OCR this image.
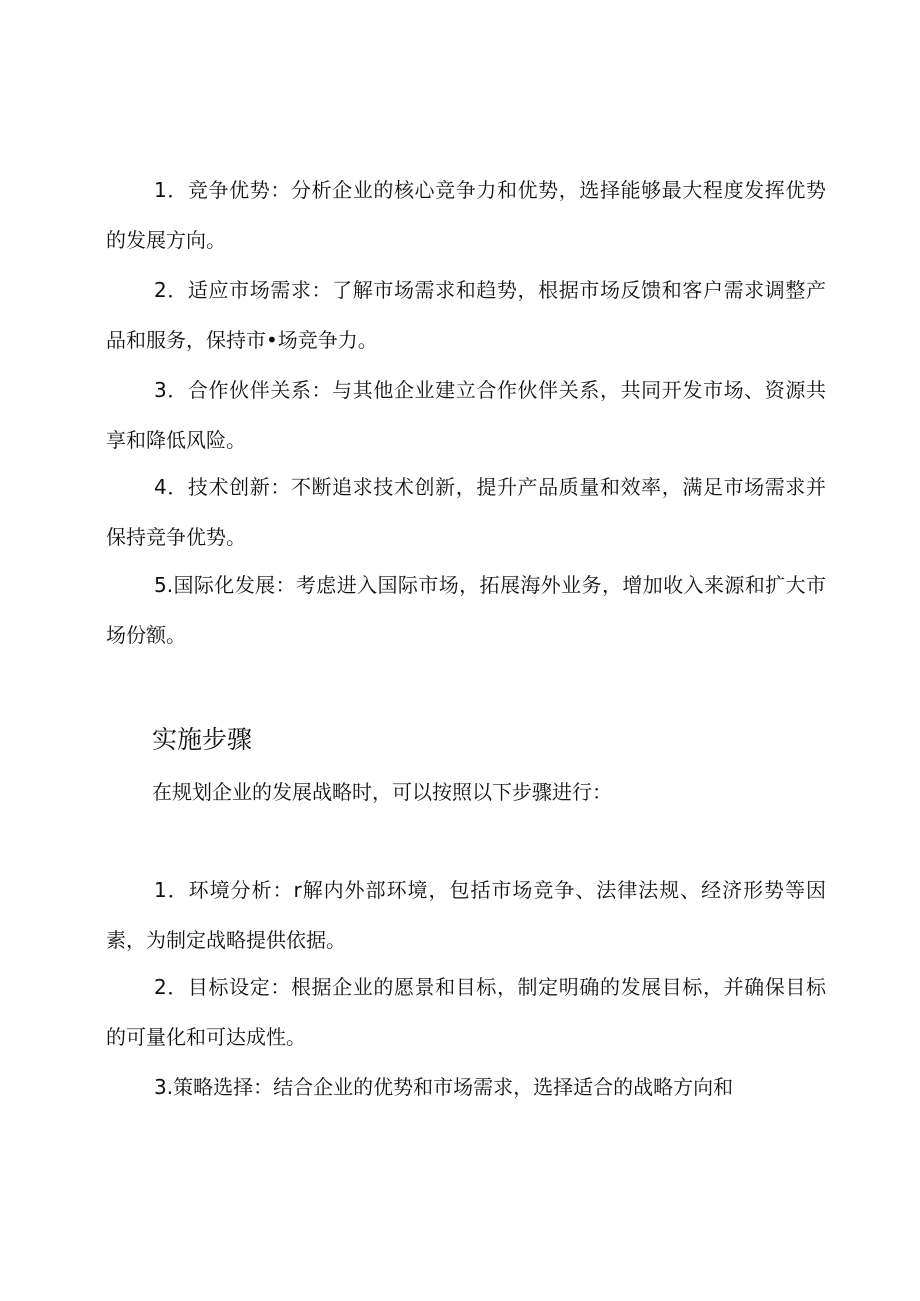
1．竞争优势：分析企业的核心竞争力和优势，选择能够最大程度发挥优势的发展方向。

2．适应市场需求：了解市场需求和趋势，根据市场反馈和客户需求调整产品和服务，保持市•场竞争力。

3．合作伙伴关系：与其他企业建立合作伙伴关系，共同开发市场、资源共享和降低风险。

4．技术创新：不断追求技术创新，提升产品质量和效率，满足市场需求并保持竞争优势。

5.国际化发展：考虑进入国际市场，拓展海外业务，增加收入来源和扩大市场份额。

实施步骤

在规划企业的发展战略时，可以按照以下步骤进行：

1．环境分析：r解内外部环境，包括市场竞争、法律法规、经济形势等因素，为制定战略提供依据。

2．目标设定：根据企业的愿景和目标，制定明确的发展目标，并确保目标的可量化和可达成性。

3.策略选择：结合企业的优势和市场需求，选择适合的战略方向和
